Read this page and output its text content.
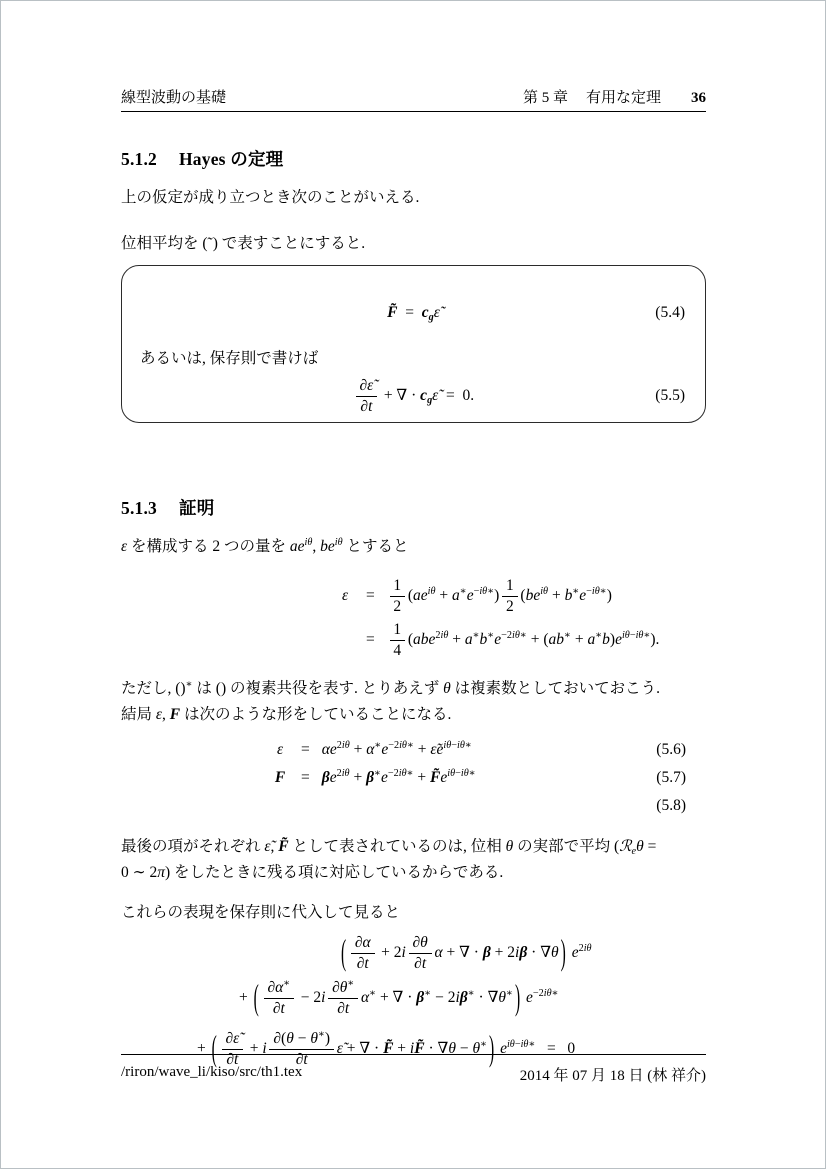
線型波動の基礎	第 5 章 有用な定理 36
5.1.2 Hayes の定理

上の仮定が成り立つとき次のことがいえる.

位相平均を (˜) で表すことにすると.

F̃  =  cgε̃	(5.4)

あるいは, 保存則で書けば

$\frac{\partial\varepsiloñ}{\partial t}$ + ∇ · cgε̃  =  0.	(5.5)
5.1.3 証明

ε を構成する 2 つの量を $ae^{i\theta}$, $be^{i\theta}$ とすると

$\varepsilon = \frac{1}{2} (ae^{i\theta} + a^∗e^{-i\theta∗}) \frac{1}{2} (be^{i\theta} + b^∗e^{-i\theta∗})$
= $\frac{1}{4} (abe^{2i\theta} + a^∗b^∗e^{-2i\theta∗} + (ab^∗ + a^∗b)e^{i\theta-i\theta∗})$.

ただし, ()∗ は () の複素共役を表す. とりあえず θ は複素数としておいておこう.
結局 ε, F は次のような形をしていることになる.

$\varepsilon = \alpha e^{2i\theta} + \alpha^∗e^{-2i\theta∗}$ + $\varepsiloñe^{i\theta-i\theta∗}$	(5.6)
$F = \beta e^{2i\theta} + \beta^∗e^{-2i\theta∗}$ + $F̃e^{i\theta-i\theta∗}$	(5.7)
(5.8)

最後の項がそれぞれ ε̃, F̃ として表されているのは, 位相 θ の実部で平均 (ℛeθ =
0 ∼ 2π) をしたときに残る項に対応しているからである.

これらの表現を保存則に代入して見ると

( $\frac{\partial\alpha}{\partial t} + 2i \frac{\partial\theta}{\partial t}$ α + ∇ · β + 2iβ · ∇θ ) $e^{2i\theta}$
+ ( $\frac{\partial\alpha^∗}{\partial t} - 2i \frac{\partial\theta^∗}{\partial t} \alpha^∗$ + ∇ · β∗ − 2iβ∗ · ∇θ∗ ) $e^{-2i\theta∗}$
+ ( $\frac{\partial\varepsiloñ}{\partial t} + i \frac{\partial(\theta - \theta^∗)}{\partial t}$ ε̃ + ∇ · F̃ + iF̃ · ∇θ − θ∗ ) $e^{i\theta-i\theta∗} = 0$
/riron/wave_li/kiso/src/th1.tex	2014 年 07 月 18 日 (林 祥介)
